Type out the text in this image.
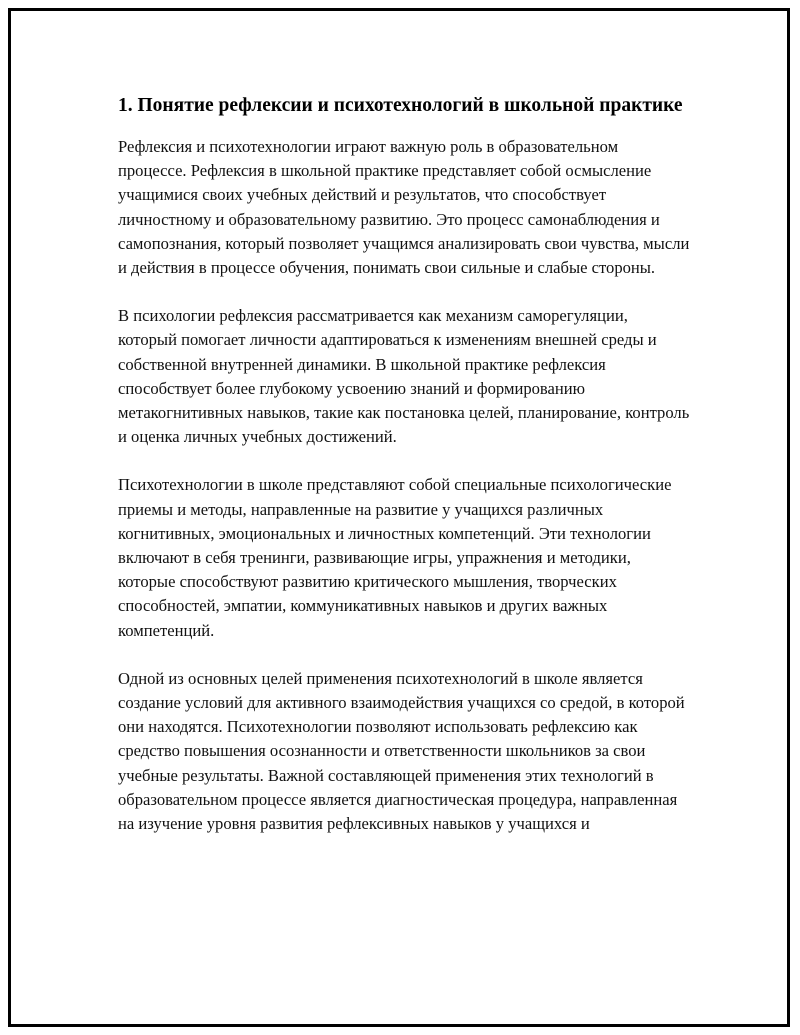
1. Понятие рефлексии и психотехнологий в школьной практике

Рефлексия и психотехнологии играют важную роль в образовательном процессе. Рефлексия в школьной практике представляет собой осмысление учащимися своих учебных действий и результатов, что способствует личностному и образовательному развитию. Это процесс самонаблюдения и самопознания, который позволяет учащимся анализировать свои чувства, мысли и действия в процессе обучения, понимать свои сильные и слабые стороны.

В психологии рефлексия рассматривается как механизм саморегуляции, который помогает личности адаптироваться к изменениям внешней среды и собственной внутренней динамики. В школьной практике рефлексия способствует более глубокому усвоению знаний и формированию метакогнитивных навыков, такие как постановка целей, планирование, контроль и оценка личных учебных достижений.

Психотехнологии в школе представляют собой специальные психологические приемы и методы, направленные на развитие у учащихся различных когнитивных, эмоциональных и личностных компетенций. Эти технологии включают в себя тренинги, развивающие игры, упражнения и методики, которые способствуют развитию критического мышления, творческих способностей, эмпатии, коммуникативных навыков и других важных компетенций.

Одной из основных целей применения психотехнологий в школе является создание условий для активного взаимодействия учащихся со средой, в которой они находятся. Психотехнологии позволяют использовать рефлексию как средство повышения осознанности и ответственности школьников за свои учебные результаты. Важной составляющей применения этих технологий в образовательном процессе является диагностическая процедура, направленная на изучение уровня развития рефлексивных навыков у учащихся и
